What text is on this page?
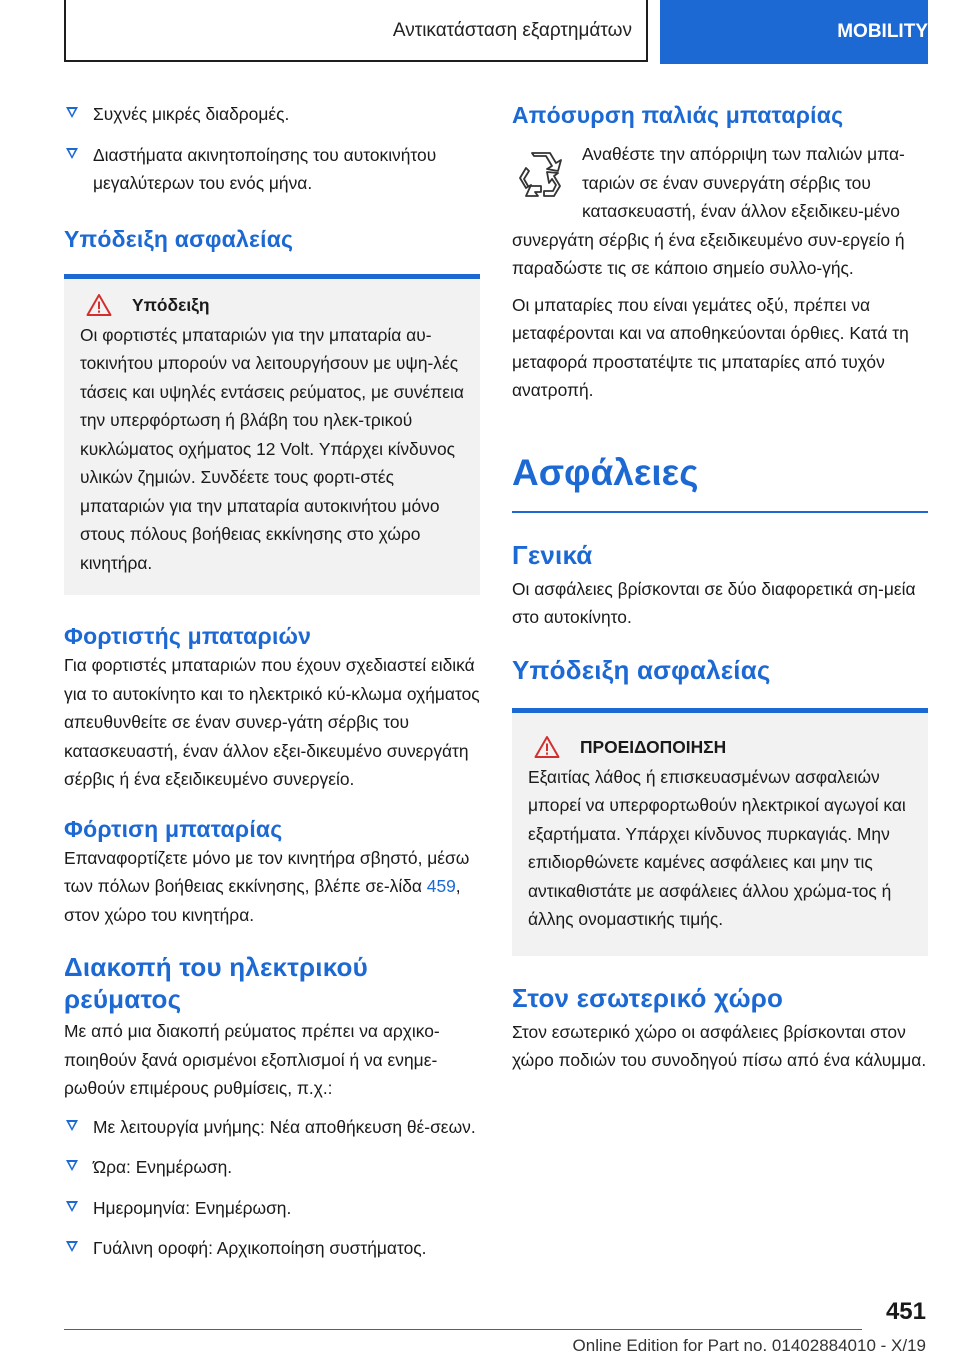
Αντικατάσταση εξαρτημάτων	MOBILITY
Συχνές μικρές διαδρομές.
Διαστήματα ακινητοποίησης του αυτοκινήτου μεγαλύτερων του ενός μήνα.
Υπόδειξη ασφαλείας
Υπόδειξη

Οι φορτιστές μπαταριών για την μπαταρία αυ-τοκινήτου μπορούν να λειτουργήσουν με υψη-λές τάσεις και υψηλές εντάσεις ρεύματος, με συνέπεια την υπερφόρτωση ή βλάβη του ηλεκ-τρικού κυκλώματος οχήματος 12 Volt. Υπάρχει κίνδυνος υλικών ζημιών. Συνδέετε τους φορτι-στές μπαταριών για την μπαταρία αυτοκινήτου μόνο στους πόλους βοήθειας εκκίνησης στο χώρο κινητήρα.

Φορτιστής μπαταριών

Για φορτιστές μπαταριών που έχουν σχεδιαστεί ειδικά για το αυτοκίνητο και το ηλεκτρικό κύ-κλωμα οχήματος απευθυνθείτε σε έναν συνερ-γάτη σέρβις του κατασκευαστή, έναν άλλον εξει-δικευμένο συνεργάτη σέρβις ή ένα εξειδικευμένο συνεργείο.

Φόρτιση μπαταρίας

Επαναφορτίζετε μόνο με τον κινητήρα σβηστό, μέσω των πόλων βοήθειας εκκίνησης, βλέπε σε-λίδα 459, στον χώρο του κινητήρα.

Διακοπή του ηλεκτρικού ρεύματος

Με από μια διακοπή ρεύματος πρέπει να αρχικο-ποιηθούν ξανά ορισμένοι εξοπλισμοί ή να ενημε-ρωθούν επιμέρους ρυθμίσεις, π.χ.:

Με λειτουργία μνήμης: Νέα αποθήκευση θέ-σεων.
Ώρα: Ενημέρωση.
Ημερομηνία: Ενημέρωση.
Γυάλινη οροφή: Αρχικοποίηση συστήματος.
Απόσυρση παλιάς μπαταρίας

Αναθέστε την απόρριψη των παλιών μπα-ταριών σε έναν συνεργάτη σέρβις του κατασκευαστή, έναν άλλον εξειδικευ-μένο συνεργάτη σέρβις ή ένα εξειδικευμένο συν-εργείο ή παραδώστε τις σε κάποιο σημείο συλλο-γής.

Οι μπαταρίες που είναι γεμάτες οξύ, πρέπει να μεταφέρονται και να αποθηκεύονται όρθιες. Κατά τη μεταφορά προστατέψτε τις μπαταρίες από τυχόν ανατροπή.

Ασφάλειες
Γενικά

Οι ασφάλειες βρίσκονται σε δύο διαφορετικά ση-μεία στο αυτοκίνητο.

Υπόδειξη ασφαλείας
ΠΡΟΕΙΔΟΠΟΙΗΣΗ

Εξαιτίας λάθος ή επισκευασμένων ασφαλειών μπορεί να υπερφορτωθούν ηλεκτρικοί αγωγοί και εξαρτήματα. Υπάρχει κίνδυνος πυρκαγιάς. Μην επιδιορθώνετε καμένες ασφάλειες και μην τις αντικαθιστάτε με ασφάλειες άλλου χρώμα-τος ή άλλης ονομαστικής τιμής.

Στον εσωτερικό χώρο

Στον εσωτερικό χώρο οι ασφάλειες βρίσκονται στον χώρο ποδιών του συνοδηγού πίσω από ένα κάλυμμα.

451
Online Edition for Part no. 01402884010 - X/19
